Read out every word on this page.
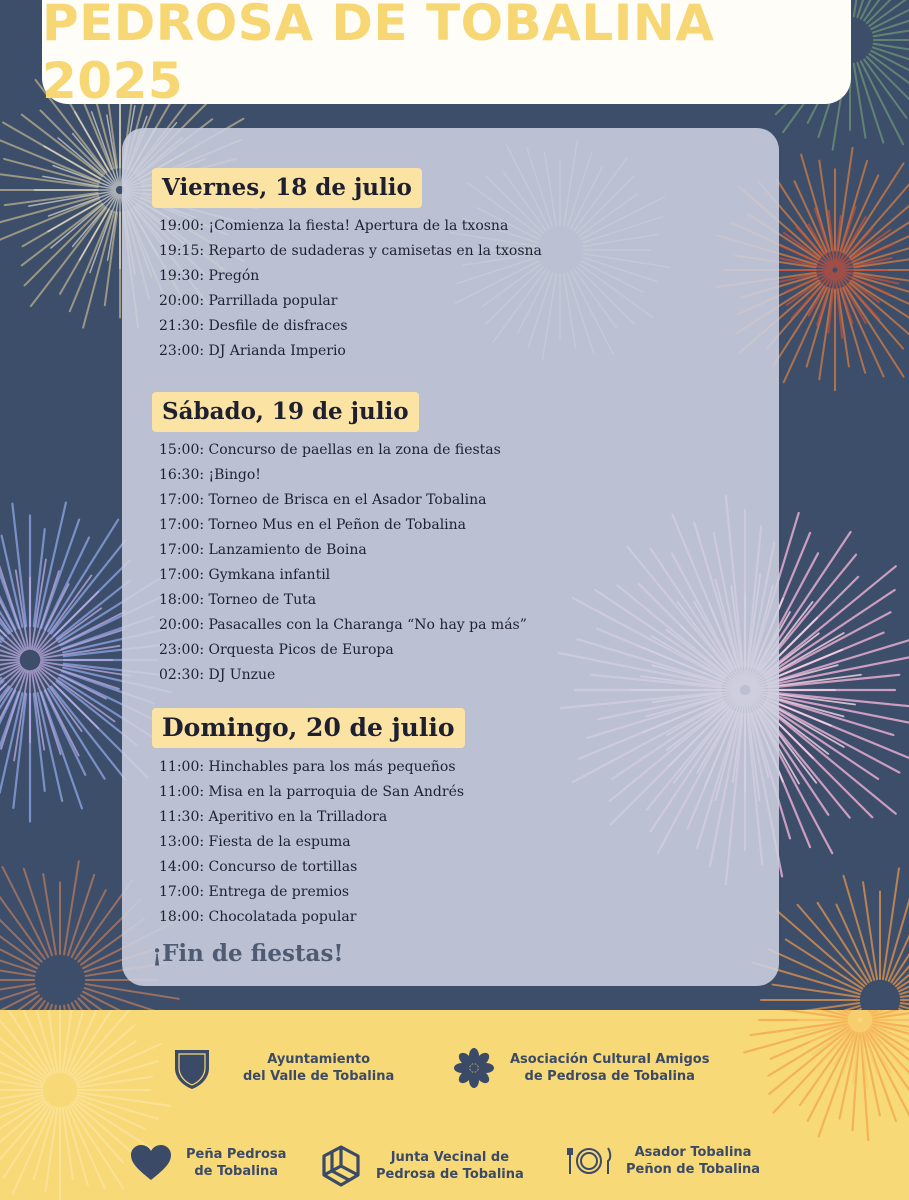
PEDROSA DE TOBALINA 2025
Viernes, 18 de julio
19:00: ¡Comienza la fiesta! Apertura de la txosna
19:15: Reparto de sudaderas y camisetas en la txosna
19:30: Pregón
20:00: Parrillada popular
21:30: Desfile de disfraces
23:00: DJ Arianda Imperio
Sábado, 19 de julio
15:00: Concurso de paellas en la zona de fiestas
16:30: ¡Bingo!
17:00: Torneo de Brisca en el Asador Tobalina
17:00: Torneo Mus en el Peñon de Tobalina
17:00: Lanzamiento de Boina
17:00: Gymkana infantil
18:00: Torneo de Tuta
20:00: Pasacalles con la Charanga “No hay pa más”
23:00: Orquesta Picos de Europa
02:30: DJ Unzue
Domingo, 20 de julio
11:00: Hinchables para los más pequeños
11:00: Misa en la parroquia de San Andrés
11:30: Aperitivo en la Trilladora
13:00: Fiesta de la espuma
14:00: Concurso de tortillas
17:00: Entrega de premios
18:00: Chocolatada popular
¡Fin de fiestas!
Ayuntamiento
del Valle de Tobalina
Asociación Cultural Amigos
de Pedrosa de Tobalina
Peña Pedrosa
de Tobalina
Junta Vecinal de
Pedrosa de Tobalina
Asador Tobalina
Peñon de Tobalina
